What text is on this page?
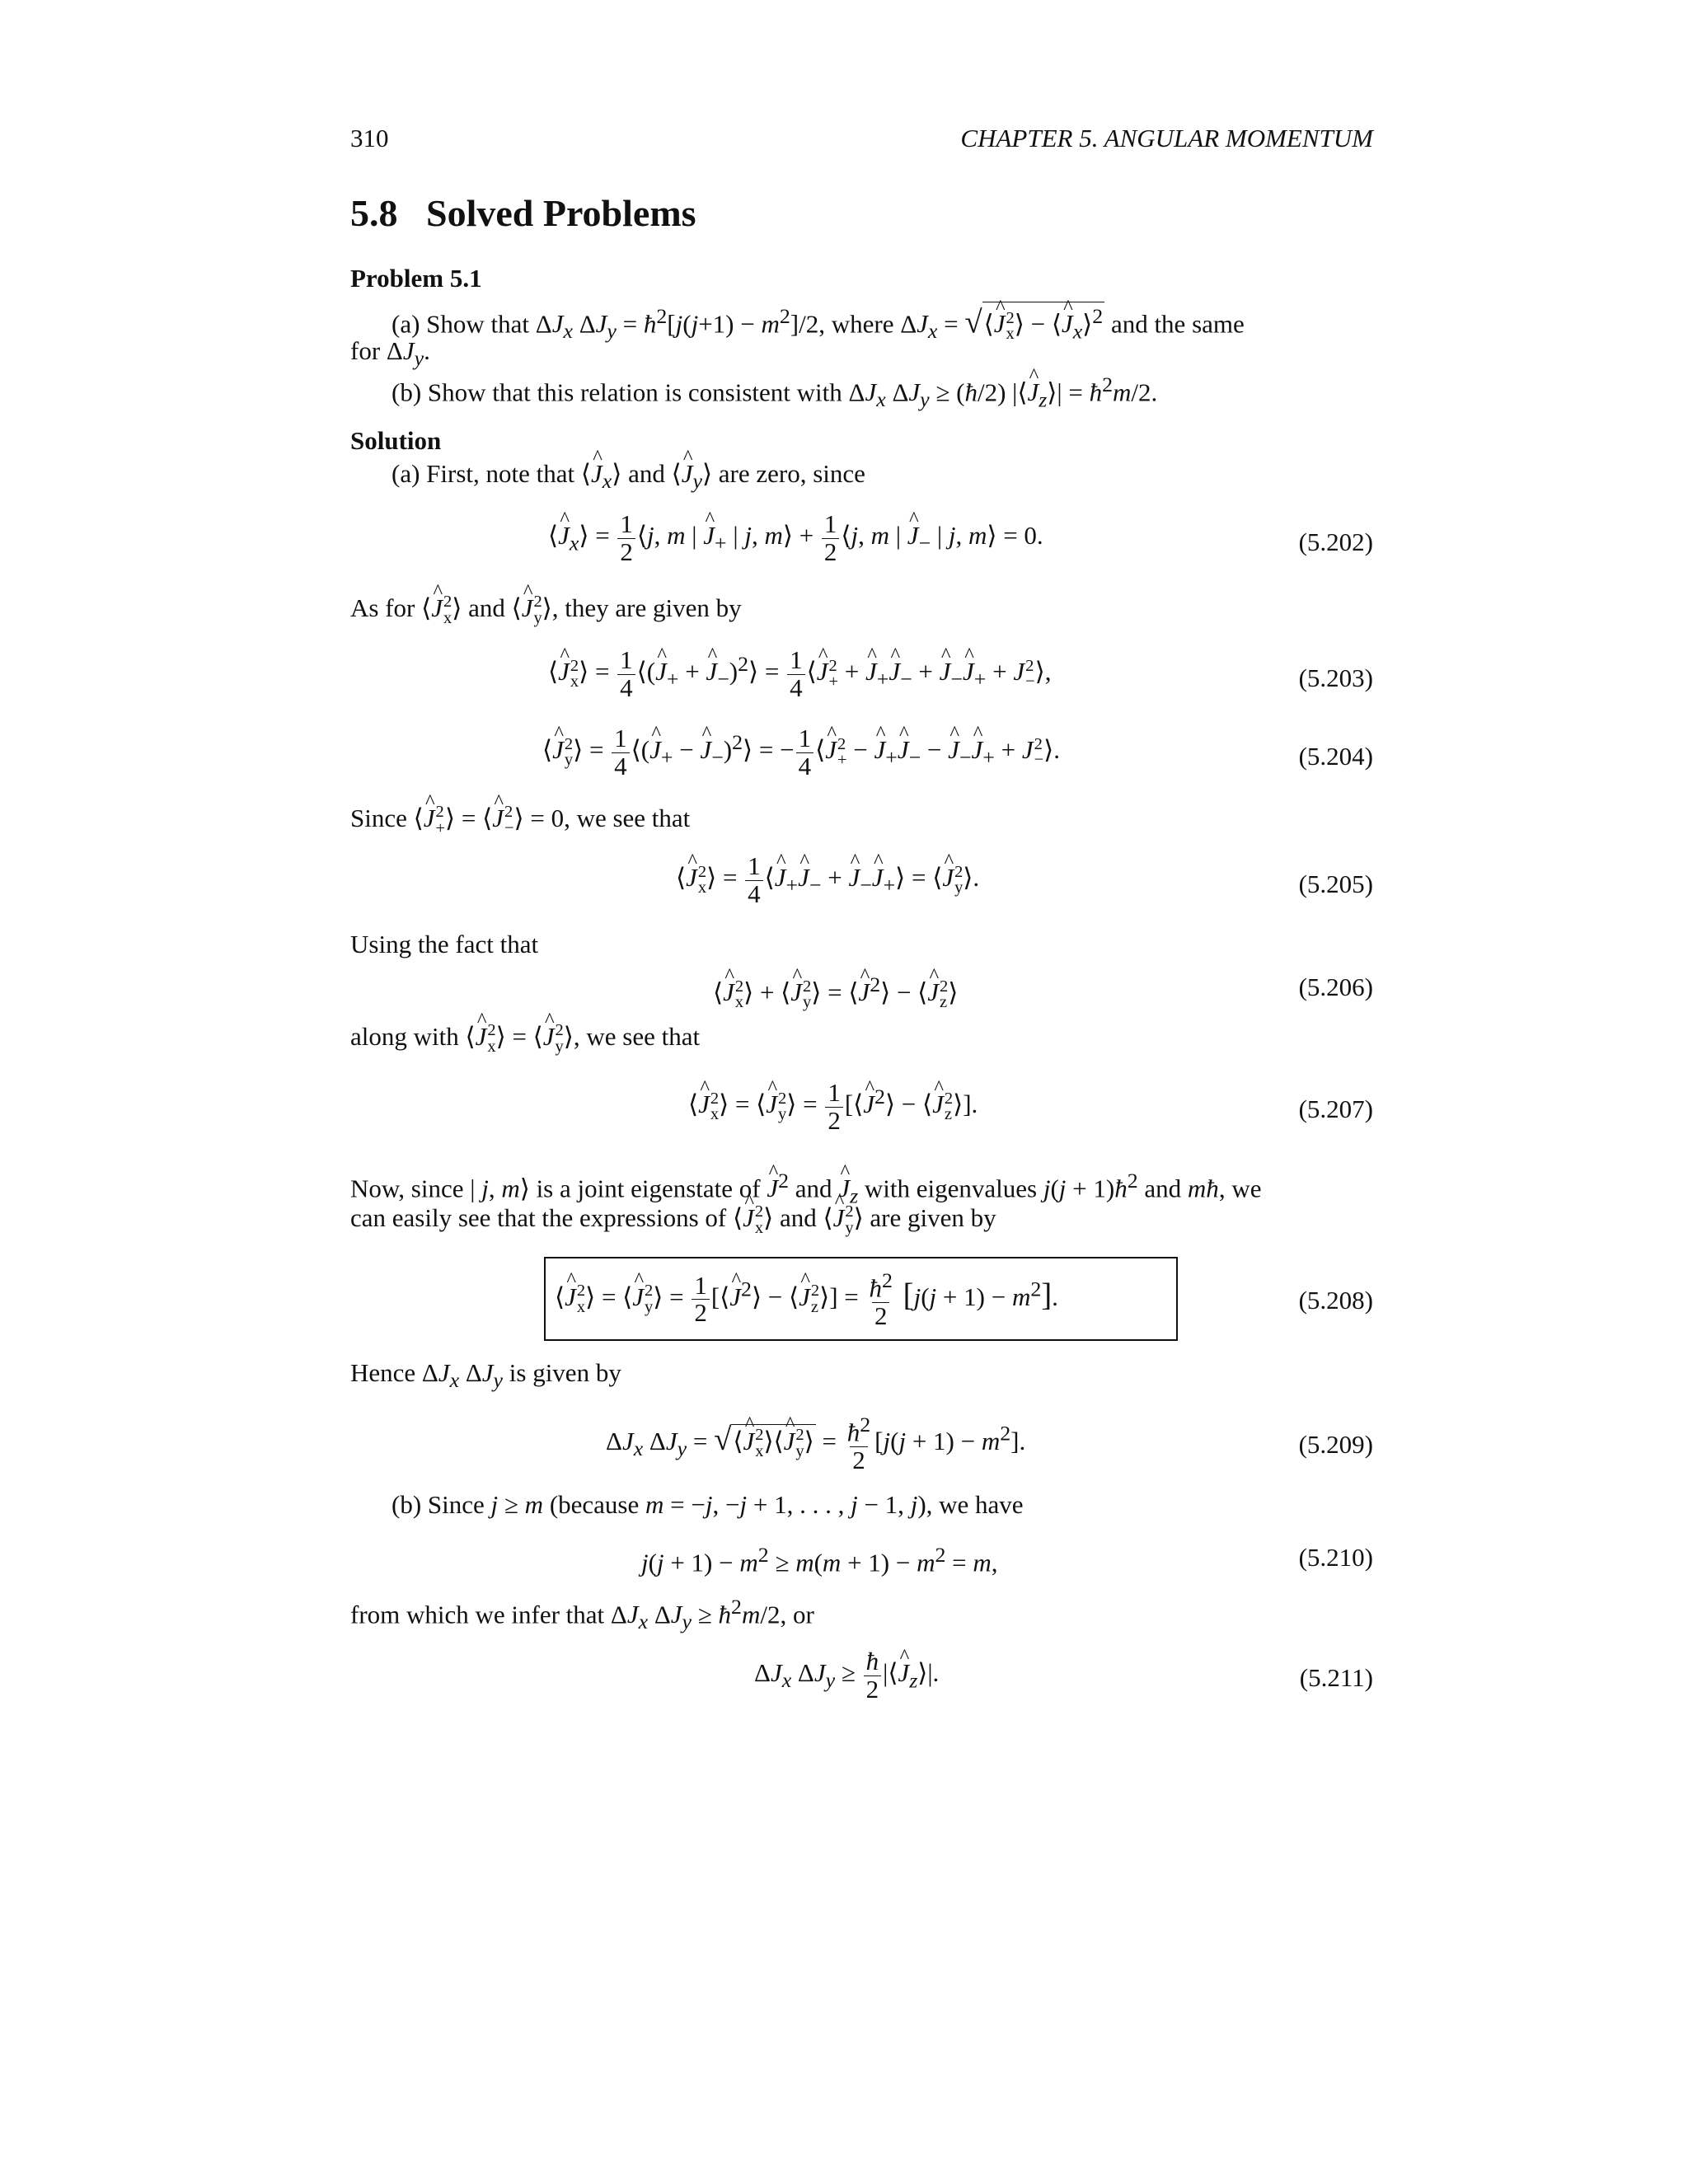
310	CHAPTER 5. ANGULAR MOMENTUM
5.8 Solved Problems
Problem 5.1
(a) Show that $\Delta J_x$ $\Delta J_y$ = $ħ^2[j(j+1) - m^2]/2$, where $\Delta J_x$ = √⟨^ J 2
x ⟩ − ⟨^ $J_x⟩^2$ and the same
for $\Delta J_y$.
(b) Show that this relation is consistent with $\Delta J_x$ $\Delta J_y$ ≥ (ħ/2) |⟨^ $J_z⟩|$ = $ħ^2m/2$.
Solution
(a) First, note that ⟨^ $J_x⟩$ and ⟨^ $J_y⟩$ are zero, since
⟨^ $J_x⟩ = \frac{1}{2}$ ⟨j, m | ^ $J_+$ | j, m⟩ + $\frac{1}{2}$ ⟨j, m | ^ $J_-$ | j, m⟩ = 0.	(5.202)
As for ⟨^ J 2
x ⟩ and ⟨^ J 2
y ⟩, they are given by
⟨^ J 2
x ⟩ = $\frac{1}{4}$ ⟨(^ $J_+$ + ^ $J_-)^2⟩ = \frac{1}{4}$ ⟨^ J 2
+ + ^ $J_+\^{}$ $J_-$ + ^ $J_-\^{}$ $J_+ + J$ 2
− ⟩,	(5.203)
⟨^ J 2
y ⟩ = $\frac{1}{4}$ ⟨(^ $J_+$ − ^ $J_-)^2⟩$ = − $\frac{1}{4}$ ⟨^ J 2
+ − ^ $J_+\^{}$ $J_-$ − ^ $J_-\^{}$ $J_+ + J$ 2
− ⟩.	(5.204)
Since ⟨^ J 2
+ ⟩ = ⟨^ J 2
− ⟩ = 0, we see that
⟨^ J 2
x ⟩ = $\frac{1}{4}$ ⟨^ $J_+\^{}$ $J_-$ + ^ $J_-\^{}$ $J_+⟩$ = ⟨^ J 2
y ⟩.	(5.205)
Using the fact that
⟨^ J 2
x ⟩ + ⟨^ J 2
y ⟩ = ⟨^ $J^2⟩$ − ⟨^ J 2
z ⟩	(5.206)
along with ⟨^ J 2
x ⟩ = ⟨^ J 2
y ⟩, we see that
⟨^ J 2
x ⟩ = ⟨^ J 2
y ⟩ = $\frac{1}{2}$ [⟨^ $J^2⟩$ − ⟨^ J 2
z ⟩].	(5.207)
Now, since | j, m⟩ is a joint eigenstate of ^ $J^2$ and ^ $J_z$ with eigenvalues $j(j + 1)ħ^2$ and mħ, we
can easily see that the expressions of ⟨^ J 2
x ⟩ and ⟨^ J 2
y ⟩ are given by
⟨^ J 2
x ⟩ = ⟨^ J 2
y ⟩ = $\frac{1}{2}$ [⟨^ $J^2⟩$ − ⟨^ J 2
z ⟩] = $\frac{ħ^2}{2} [j(j + 1) - m^2]$.	(5.208)
Hence $\Delta J_x$ $\Delta J_y$ is given by
$\Delta J_x$ $\Delta J_y$ = √⟨^ J 2
x ⟩⟨^ J 2
y ⟩ = $\frac{ħ^2}{2} [j(j + 1) - m^2]$.	(5.209)
(b) Since j ≥ m (because m = −j, −j + 1, . . . , j − 1, j), we have
$j(j + 1) - m^2 \ge m(m + 1) - m^2 = m$,	(5.210)
from which we infer that $\Delta J_x$ $\Delta J_y$ ≥ $ħ^2m/2$, or
$\Delta J_x$ $\Delta J_y \ge \frac{ħ}{2}$ |⟨^ $J_z⟩|$.	(5.211)
